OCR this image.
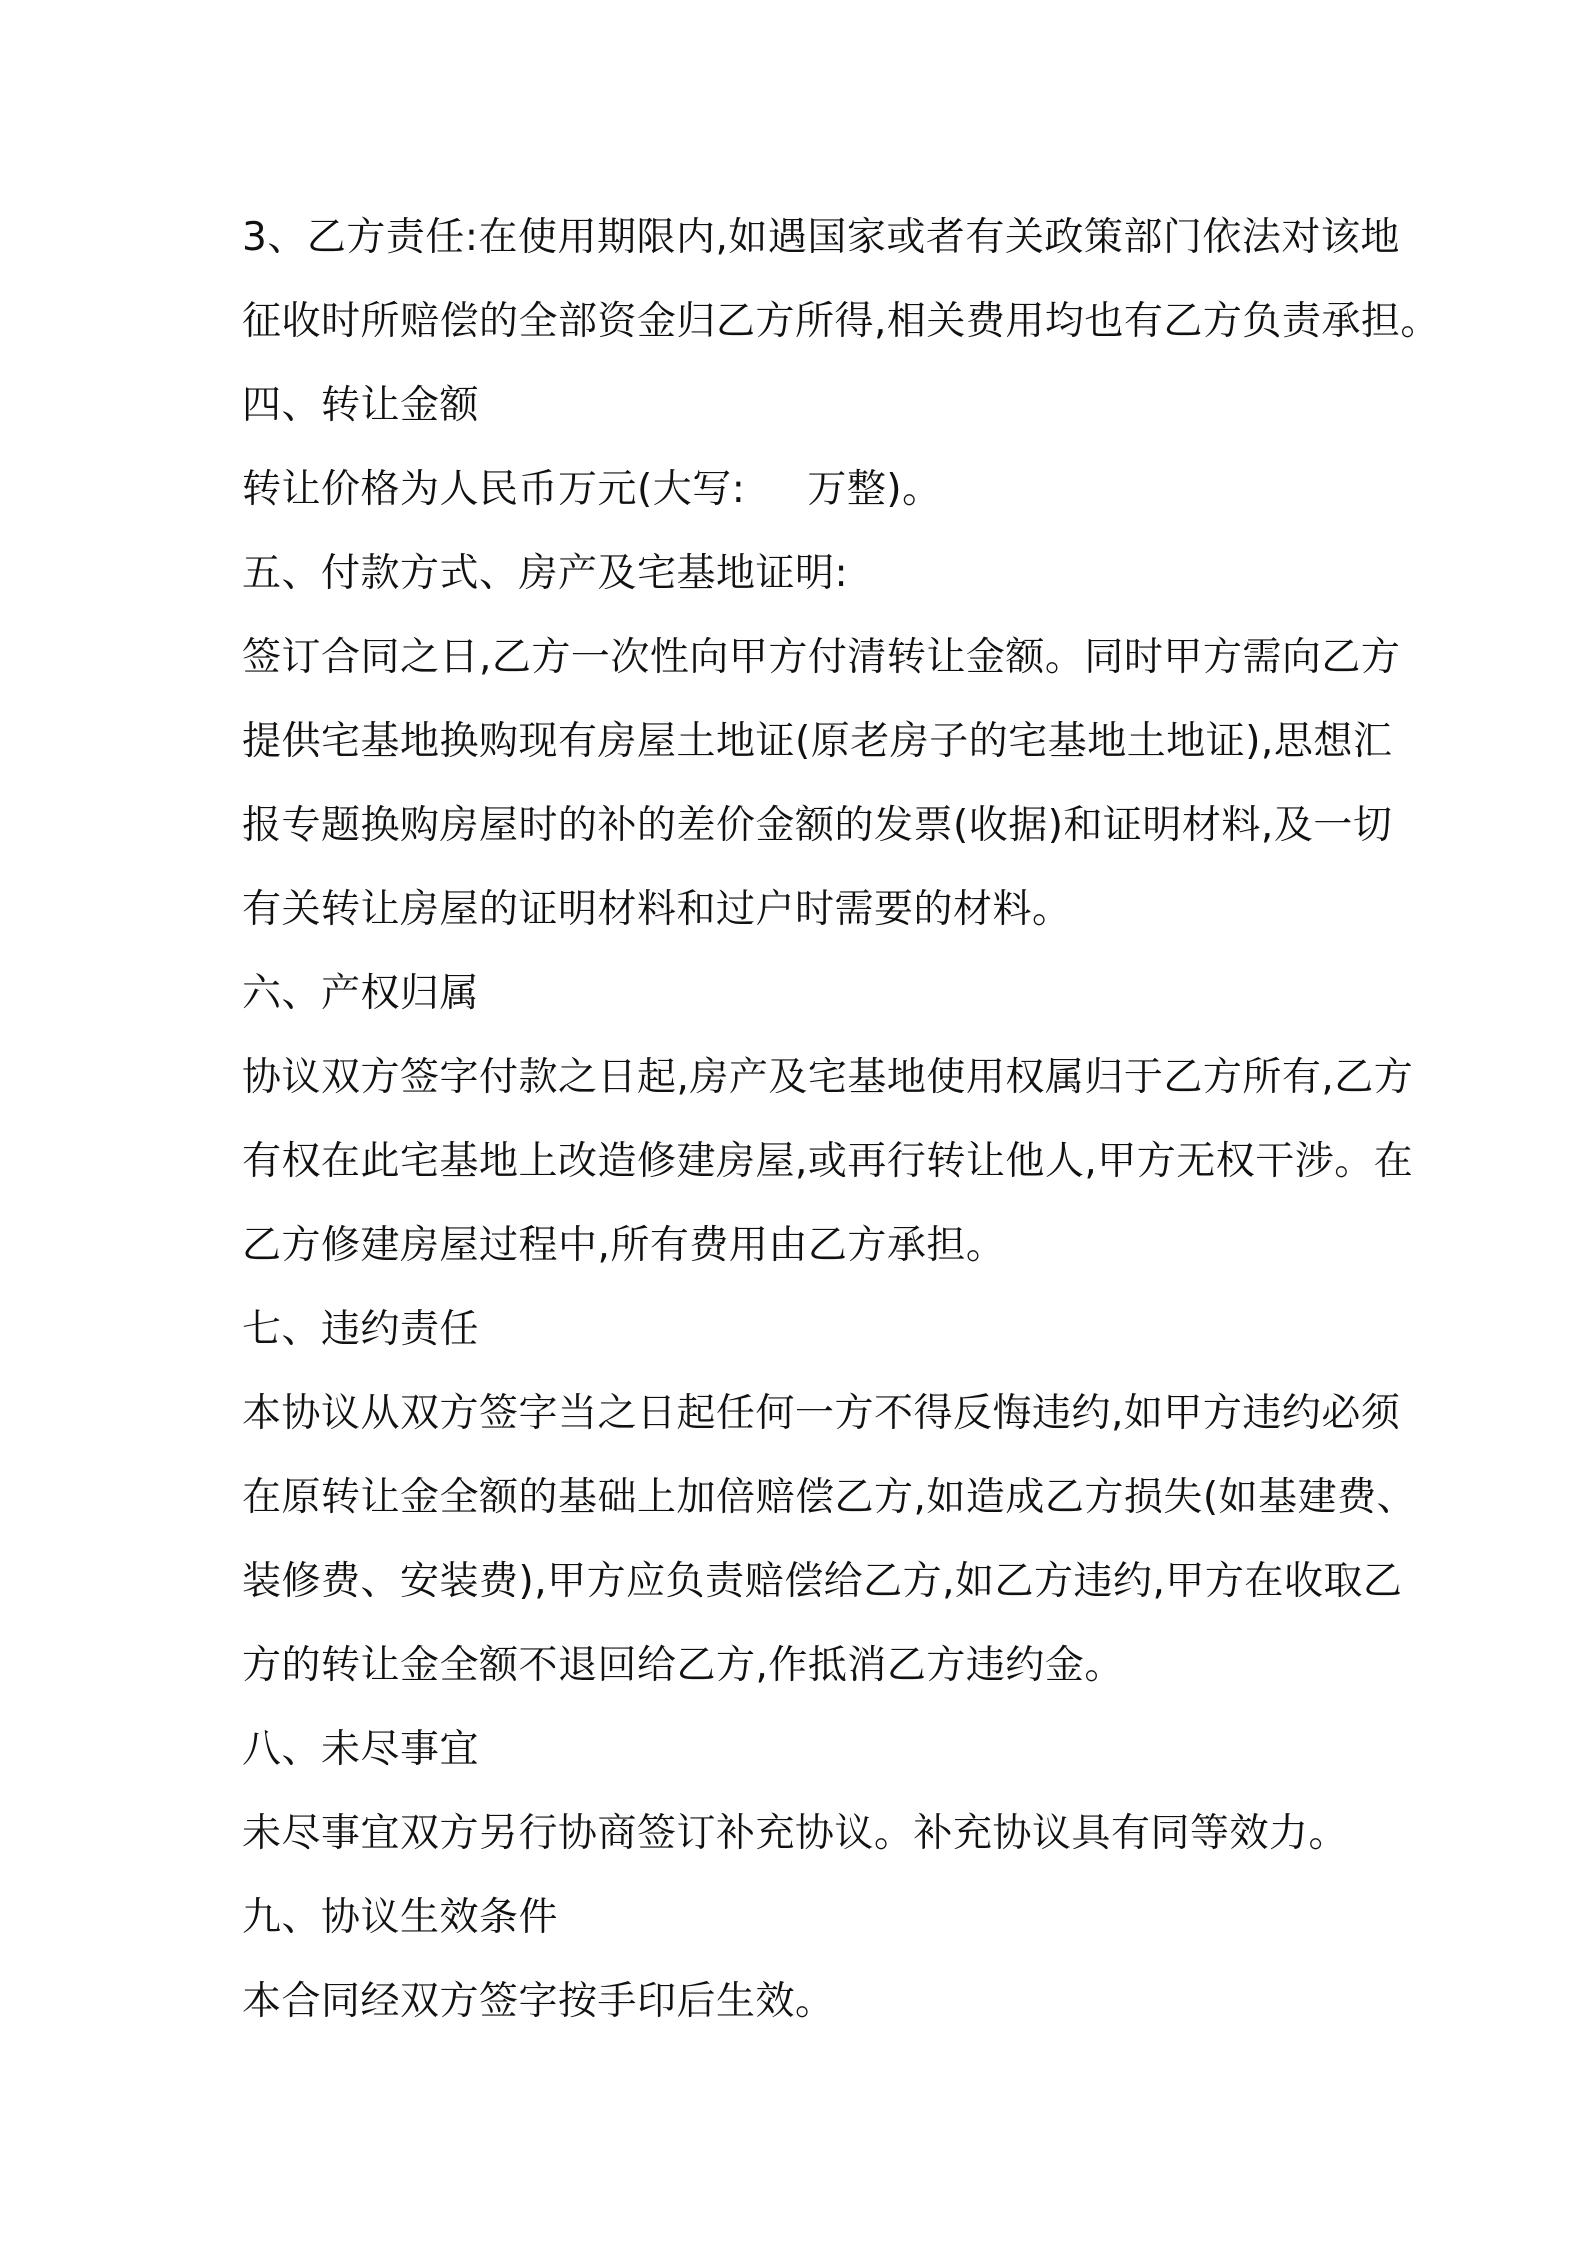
3、乙方责任:在使用期限内,如遇国家或者有关政策部门依法对该地
征收时所赔偿的全部资金归乙方所得,相关费用均也有乙方负责承担。
四、转让金额
转让价格为人民币万元(大写: 万整)。
五、付款方式、房产及宅基地证明:
签订合同之日,乙方一次性向甲方付清转让金额。同时甲方需向乙方
提供宅基地换购现有房屋土地证(原老房子的宅基地土地证),思想汇
报专题换购房屋时的补的差价金额的发票(收据)和证明材料,及一切
有关转让房屋的证明材料和过户时需要的材料。
六、产权归属
协议双方签字付款之日起,房产及宅基地使用权属归于乙方所有,乙方
有权在此宅基地上改造修建房屋,或再行转让他人,甲方无权干涉。在
乙方修建房屋过程中,所有费用由乙方承担。
七、违约责任
本协议从双方签字当之日起任何一方不得反悔违约,如甲方违约必须
在原转让金全额的基础上加倍赔偿乙方,如造成乙方损失(如基建费、
装修费、安装费),甲方应负责赔偿给乙方,如乙方违约,甲方在收取乙
方的转让金全额不退回给乙方,作抵消乙方违约金。
八、未尽事宜
未尽事宜双方另行协商签订补充协议。补充协议具有同等效力。
九、协议生效条件
本合同经双方签字按手印后生效。
